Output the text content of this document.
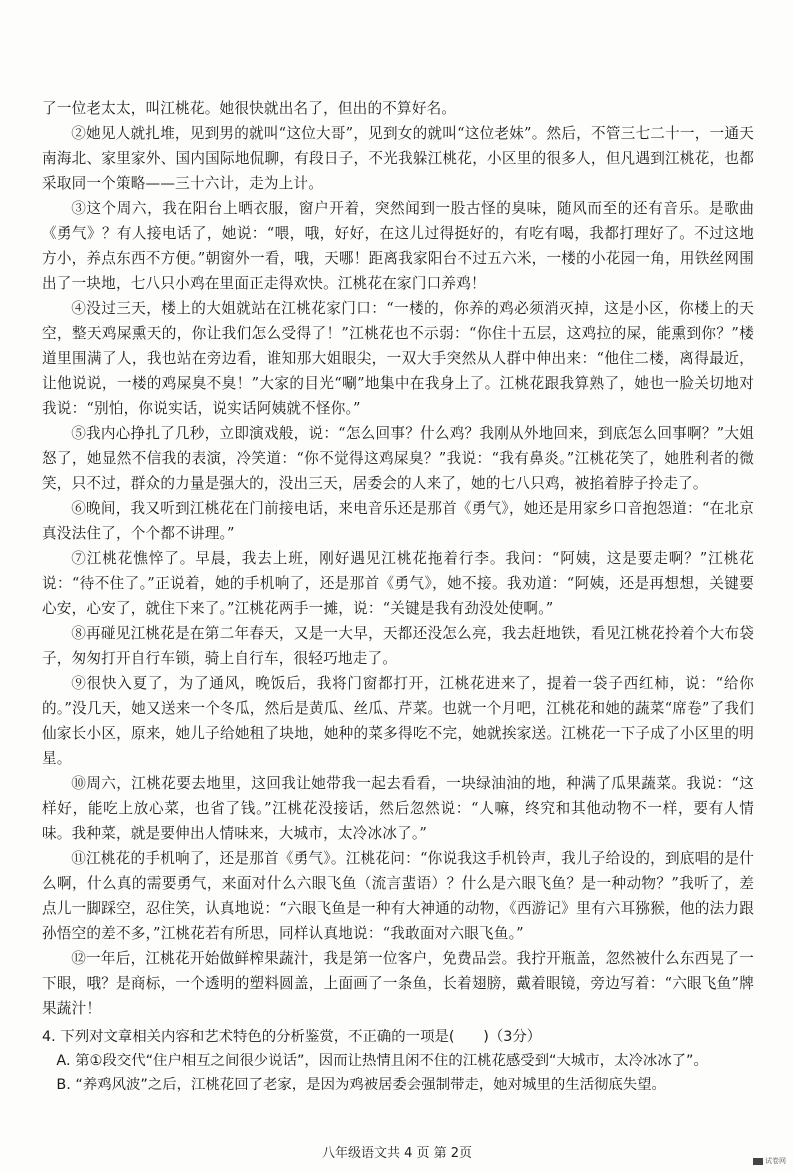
了一位老太太，叫江桃花。她很快就出名了，但出的不算好名。

②她见人就扎堆，见到男的就叫“这位大哥”，见到女的就叫“这位老妹”。然后，不管三七二十一，一通天南海北、家里家外、国内国际地侃聊，有段日子，不光我躲江桃花，小区里的很多人，但凡遇到江桃花，也都采取同一个策略——三十六计，走为上计。

③这个周六，我在阳台上晒衣服，窗户开着，突然闻到一股古怪的臭味，随风而至的还有音乐。是歌曲《勇气》？有人接电话了，她说：“喂，哦，好好，在这儿过得挺好的，有吃有喝，我都打理好了。不过这地方小，养点东西不方便。”朝窗外一看，哦，天哪！距离我家阳台不过五六米，一楼的小花园一角，用铁丝网围出了一块地，七八只小鸡在里面正走得欢快。江桃花在家门口养鸡！

④没过三天，楼上的大姐就站在江桃花家门口：“一楼的，你养的鸡必须消灭掉，这是小区，你楼上的天空，整天鸡屎熏天的，你让我们怎么受得了！”江桃花也不示弱：“你住十五层，这鸡拉的屎，能熏到你？”楼道里围满了人，我也站在旁边看，谁知那大姐眼尖，一双大手突然从人群中伸出来：“他住二楼，离得最近，让他说说，一楼的鸡屎臭不臭！”大家的目光“唰”地集中在我身上了。江桃花跟我算熟了，她也一脸关切地对我说：“别怕，你说实话，说实话阿姨就不怪你。”

⑤我内心挣扎了几秒，立即演戏般，说：“怎么回事？什么鸡？我刚从外地回来，到底怎么回事啊？”大姐怒了，她显然不信我的表演，冷笑道：“你不觉得这鸡屎臭？”我说：“我有鼻炎。”江桃花笑了，她胜利者的微笑，只不过，群众的力量是强大的，没出三天，居委会的人来了，她的七八只鸡，被掐着脖子拎走了。

⑥晚间，我又听到江桃花在门前接电话，来电音乐还是那首《勇气》，她还是用家乡口音抱怨道：“在北京真没法住了，个个都不讲理。”

⑦江桃花憔悴了。早晨，我去上班，刚好遇见江桃花拖着行李。我问：“阿姨，这是要走啊？”江桃花说：“待不住了。”正说着，她的手机响了，还是那首《勇气》，她不接。我劝道：“阿姨，还是再想想，关键要心安，心安了，就住下来了。”江桃花两手一摊，说：“关键是我有劲没处使啊。”

⑧再碰见江桃花是在第二年春天，又是一大早，天都还没怎么亮，我去赶地铁，看见江桃花拎着个大布袋子，匆匆打开自行车锁，骑上自行车，很轻巧地走了。

⑨很快入夏了，为了通风，晚饭后，我将门窗都打开，江桃花进来了，提着一袋子西红柿，说：“给你的。”没几天，她又送来一个冬瓜，然后是黄瓜、丝瓜、芹菜。也就一个月吧，江桃花和她的蔬菜“席卷”了我们仙家长小区，原来，她儿子给她租了块地，她种的菜多得吃不完，她就挨家送。江桃花一下子成了小区里的明星。

⑩周六，江桃花要去地里，这回我让她带我一起去看看，一块绿油油的地，种满了瓜果蔬菜。我说：“这样好，能吃上放心菜，也省了钱。”江桃花没接话，然后忽然说：“人嘛，终究和其他动物不一样，要有人情味。我种菜，就是要伸出人情味来，大城市，太冷冰冰了。”

⑪江桃花的手机响了，还是那首《勇气》。江桃花问：“你说我这手机铃声，我儿子给设的，到底唱的是什么啊，什么真的需要勇气，来面对什么六眼飞鱼（流言蜚语）？什么是六眼飞鱼？是一种动物？”我听了，差点儿一脚踩空，忍住笑，认真地说：“六眼飞鱼是一种有大神通的动物，《西游记》里有六耳猕猴，他的法力跟孙悟空的差不多，”江桃花若有所思，同样认真地说：“我敢面对六眼飞鱼。”

⑫一年后，江桃花开始做鲜榨果蔬汁，我是第一位客户，免费品尝。我拧开瓶盖，忽然被什么东西晃了一下眼，哦？是商标，一个透明的塑料圆盖，上面画了一条鱼，长着翅膀，戴着眼镜，旁边写着：“六眼飞鱼”牌果蔬汁！

4. 下列对文章相关内容和艺术特色的分析鉴赏，不正确的一项是(　　)（3分）

A. 第①段交代“住户相互之间很少说话”，因而让热情且闲不住的江桃花感受到“大城市，太冷冰冰了”。

B. “养鸡风波”之后，江桃花回了老家，是因为鸡被居委会强制带走，她对城里的生活彻底失望。

八年级语文共 4 页 第 2页	试卷网
